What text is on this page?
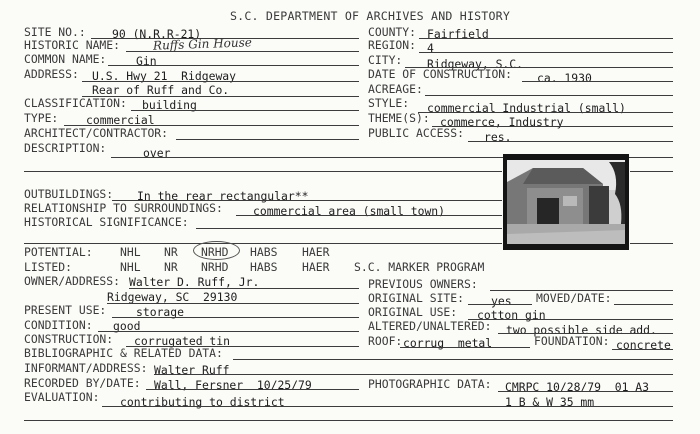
S.C. DEPARTMENT OF ARCHIVES AND HISTORY
SITE NO.: 90 (N.R.R-21)
HISTORIC NAME:	Ruffs Gin House
COMMON NAME:	Gin
ADDRESS: U.S. Hwy 21  Ridgeway
Rear of Ruff and Co.
CLASSIFICATION: building
TYPE: commercial
ARCHITECT/CONTRACTOR:
DESCRIPTION:	over
COUNTY: Fairfield
REGION: 4
CITY: Ridgeway, S.C.
DATE OF CONSTRUCTION: ca. 1930
ACREAGE:
STYLE: commercial Industrial (small)
THEME(S): commerce, Industry
PUBLIC ACCESS: res.
OUTBUILDINGS: In the rear rectangular**
RELATIONSHIP TO SURROUNDINGS:	commercial area (small town)
HISTORICAL SIGNIFICANCE:
POTENTIAL: NHL NR NRHD HABS HAER
LISTED:	NHL NR NRHD HABS HAER S.C. MARKER PROGRAM
OWNER/ADDRESS: Walter D. Ruff, Jr.
Ridgeway, SC  29130
PRESENT USE:	storage
CONDITION: good
CONSTRUCTION: corrugated tin
BIBLIOGRAPHIC & RELATED DATA:
INFORMANT/ADDRESS: Walter Ruff
RECORDED BY/DATE: Wall, Fersner  10/25/79
EVALUATION: contributing to district
PREVIOUS OWNERS:
ORIGINAL SITE: yes MOVED/DATE:
ORIGINAL USE: cotton gin
ALTERED/UNALTERED: two possible side add.
ROOF: corrug  metal	FOUNDATION: concrete
PHOTOGRAPHIC DATA: CMRPC 10/28/79  01 A3
1 B & W 35 mm
